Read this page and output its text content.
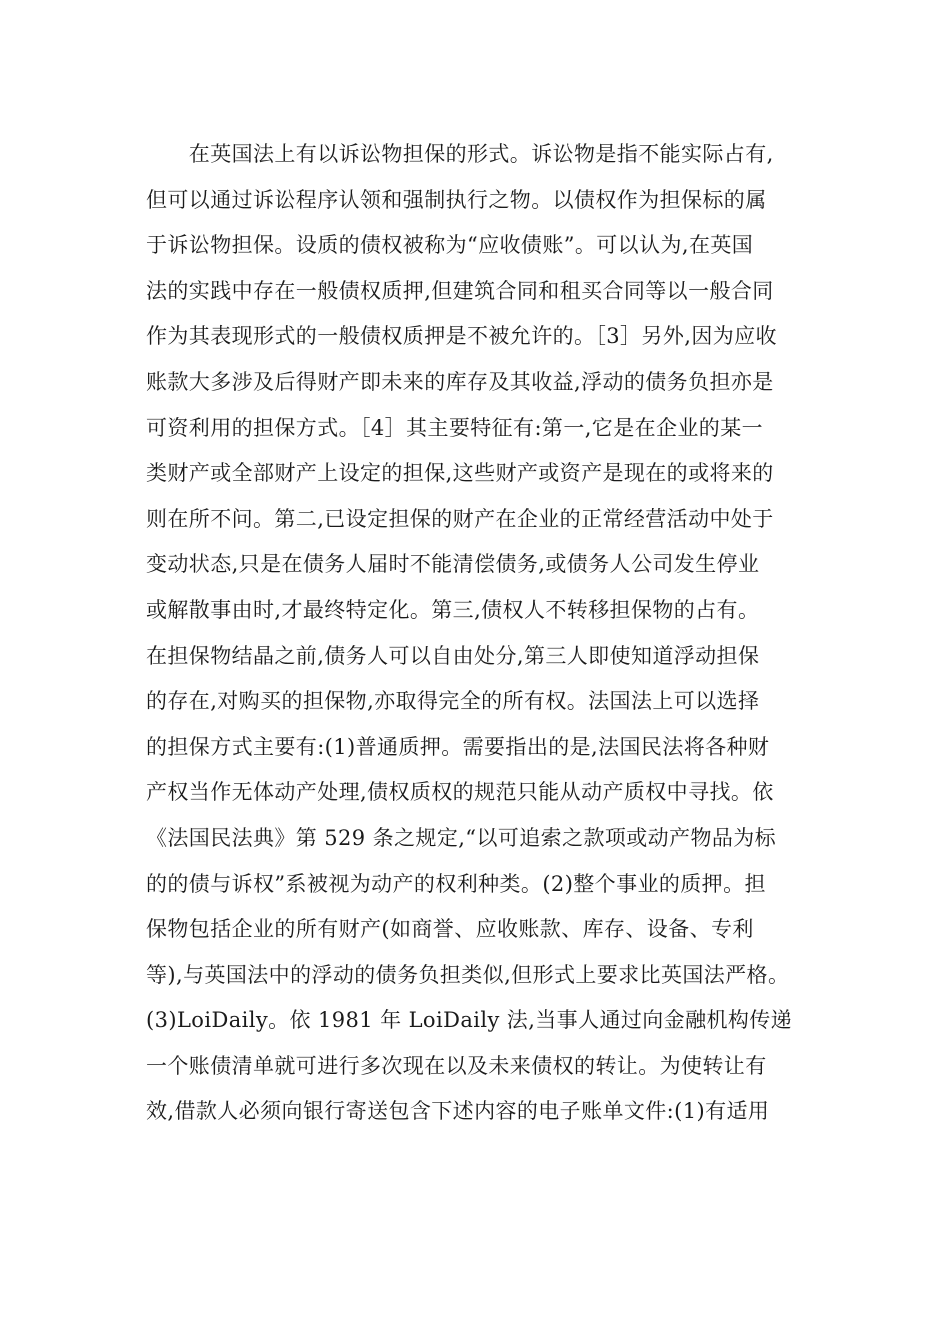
　　在英国法上有以诉讼物担保的形式。诉讼物是指不能实际占有,
但可以通过诉讼程序认领和强制执行之物。以债权作为担保标的属
于诉讼物担保。设质的债权被称为“应收债账”。可以认为,在英国
法的实践中存在一般债权质押,但建筑合同和租买合同等以一般合同
作为其表现形式的一般债权质押是不被允许的。［3］另外,因为应收
账款大多涉及后得财产即未来的库存及其收益,浮动的债务负担亦是
可资利用的担保方式。［4］其主要特征有:第一,它是在企业的某一
类财产或全部财产上设定的担保,这些财产或资产是现在的或将来的
则在所不问。第二,已设定担保的财产在企业的正常经营活动中处于
变动状态,只是在债务人届时不能清偿债务,或债务人公司发生停业
或解散事由时,才最终特定化。第三,债权人不转移担保物的占有。
在担保物结晶之前,债务人可以自由处分,第三人即使知道浮动担保
的存在,对购买的担保物,亦取得完全的所有权。法国法上可以选择
的担保方式主要有:(1)普通质押。需要指出的是,法国民法将各种财
产权当作无体动产处理,债权质权的规范只能从动产质权中寻找。依
《法国民法典》第 529 条之规定,“以可追索之款项或动产物品为标
的的债与诉权”系被视为动产的权利种类。(2)整个事业的质押。担
保物包括企业的所有财产(如商誉、应收账款、库存、设备、专利
等),与英国法中的浮动的债务负担类似,但形式上要求比英国法严格。
(3)LoiDaily。依 1981 年 LoiDaily 法,当事人通过向金融机构传递
一个账债清单就可进行多次现在以及未来债权的转让。为使转让有
效,借款人必须向银行寄送包含下述内容的电子账单文件:(1)有适用
